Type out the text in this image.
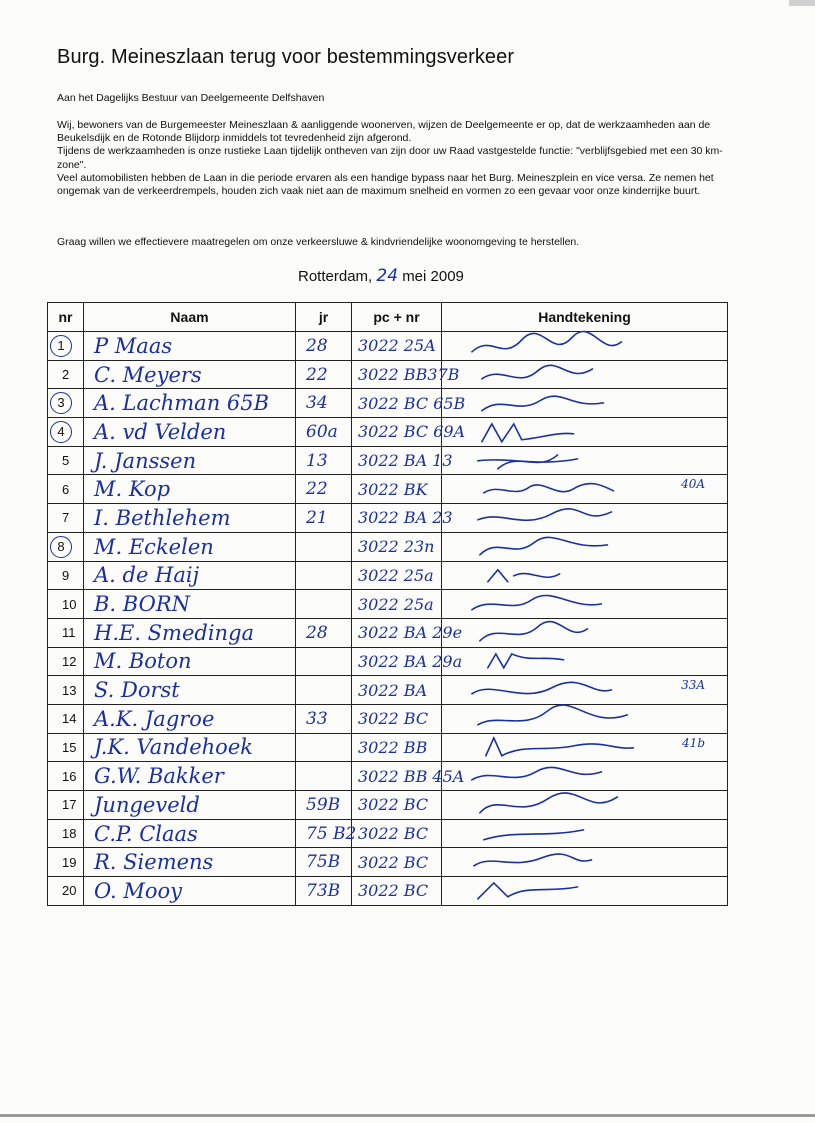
Burg. Meineszlaan terug voor bestemmingsverkeer
Aan het Dagelijks Bestuur van Deelgemeente Delfshaven

Wij, bewoners van de Burgemeester Meineszlaan & aanliggende woonerven, wijzen de Deelgemeente er op, dat de werkzaamheden aan de Beukelsdijk en de Rotonde Blijdorp inmiddels tot tevredenheid zijn afgerond.

Tijdens de werkzaamheden is onze rustieke Laan tijdelijk ontheven van zijn door uw Raad vastgestelde functie: "verblijfsgebied met een 30 km-zone".

Veel automobilisten hebben de Laan in die periode ervaren als een handige bypass naar het Burg. Meineszplein en vice versa. Ze nemen het ongemak van de verkeerdrempels, houden zich vaak niet aan de maximum snelheid en vormen zo een gevaar voor onze kinderrijke buurt.

Graag willen we effectievere maatregelen om onze verkeersluwe & kindvriendelijke woonomgeving te herstellen.
Rotterdam, 24 mei 2009
nr	Naam	jr	pc + nr	Handtekening
1	P Maas	28	3022 25A	

2	C. Meyers	22	3022 BB37B	

3	A. Lachman 65B	34	3022 BC 65B	

4	A. vd Velden	60a	3022 BC 69A	

5	J. Janssen	13	3022 BA 13	

6	M. Kop	22	3022 BK	40A

7	I. Bethlehem	21	3022 BA 23	

8	M. Eckelen		3022 23n	

9	A. de Haij		3022 25a	

10	B. BORN		3022 25a	

11	H.E. Smedinga	28	3022 BA 29e	

12	M. Boton		3022 BA 29a	

13	S. Dorst		3022 BA	33A

14	A.K. Jagroe	33	3022 BC	

15	J.K. Vandehoek		3022 BB	41b

16	G.W. Bakker		3022 BB 45A	

17	Jungeveld	59B	3022 BC	

18	C.P. Claas	75 B2	3022 BC	

19	R. Siemens	75B	3022 BC	

20	O. Mooy	73B	3022 BC	
